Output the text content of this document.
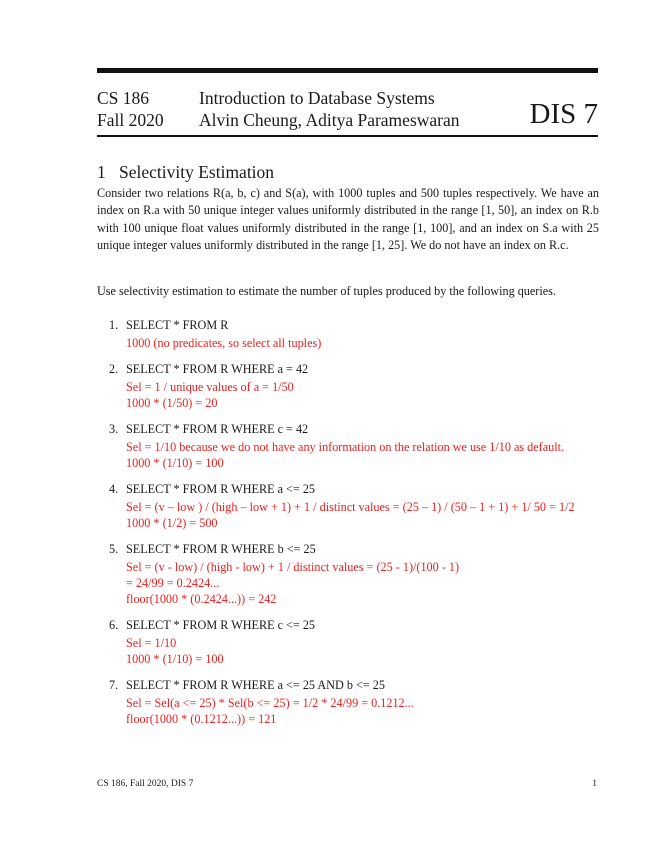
CS 186
Fall 2020
Introduction to Database Systems
Alvin Cheung, Aditya Parameswaran DIS 7
1 Selectivity Estimation

Consider two relations R(a, b, c) and S(a), with 1000 tuples and 500 tuples respectively. We have an index on R.a with 50 unique integer values uniformly distributed in the range [1, 50], an index on R.b with 100 unique float values uniformly distributed in the range [1, 100], and an index on S.a with 25 unique integer values uniformly distributed in the range [1, 25]. We do not have an index on R.c.

Use selectivity estimation to estimate the number of tuples produced by the following queries.

1. SELECT * FROM R
1000 (no predicates, so select all tuples)
2. SELECT * FROM R WHERE a = 42
Sel = 1 / unique values of a = 1/50
1000 * (1/50) = 20
3. SELECT * FROM R WHERE c = 42
Sel = 1/10 because we do not have any information on the relation we use 1/10 as default.
1000 * (1/10) = 100
4. SELECT * FROM R WHERE a <= 25
Sel = (v – low ) / (high – low + 1) + 1 / distinct values = (25 – 1) / (50 – 1 + 1) + 1/ 50 = 1/2
1000 * (1/2) = 500
5. SELECT * FROM R WHERE b <= 25
Sel = (v - low) / (high - low) + 1 / distinct values = (25 - 1)/(100 - 1)
= 24/99 = 0.2424...
floor(1000 * (0.2424...)) = 242
6. SELECT * FROM R WHERE c <= 25
Sel = 1/10
1000 * (1/10) = 100
7. SELECT * FROM R WHERE a <= 25 AND b <= 25
Sel = Sel(a <= 25) * Sel(b <= 25) = 1/2 * 24/99 = 0.1212...
floor(1000 * (0.1212...)) = 121
CS 186, Fall 2020, DIS 7	1
